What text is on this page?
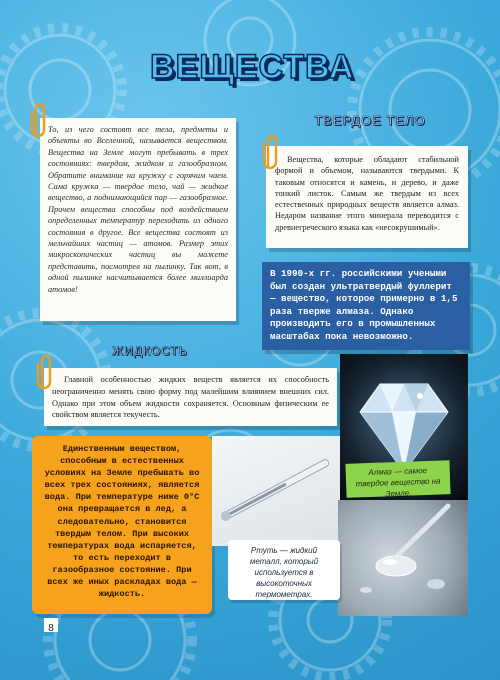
ВЕЩЕСТВА
ТВЕРДОЕ ТЕЛО

То, из чего состоят все тела, предметы и объекты во Вселенной, называется веществом. Вещества на Земле могут пребывать в трех состояниях: твердом, жидком и газообразном. Обратите внимание на кружку с горячим чаем. Сама кружка — твердое тело, чай — жидкое вещество, а поднимающийся пар — газообразное. Причем вещества способны под воздействием определенных температур переходить из одного состояния в другое. Все вещества состоят из мельчайших частиц — атомов. Размер этих микроскопических частиц вы можете представить, посмотрев на пылинку. Так вот, в одной пылинке насчитывается более миллиарда атомов!

Вещества, которые обладают стабильной формой и объемом, называются твердыми. К таковым относятся и камень, и дерево, и даже тонкий листок. Самым же твердым из всех естественных природных веществ является алмаз. Недаром название этого минерала переводится с древнегреческого языка как «несокрушимый».

В 1990-х гг. российскими учеными был создан ультратвердый фуллерит — вещество, которое примерно в 1,5 раза тверже алмаза. Однако производить его в промышленных масштабах пока невозможно.

ЖИДКОСТЬ

Главной особенностью жидких веществ является их способность неограниченно менять свою форму под малейшим влиянием внешних сил. Однако при этом объем жидкости сохраняется. Основным физическим ее свойством является текучесть.

Алмаз — самое твердое вещество на Земле.

Единственным веществом, способным в естественных условиях на Земле пребывать во всех трех состояниях, является вода. При температуре ниже 0°С она превращается в лед, а следовательно, становится твердым телом. При высоких температурах вода испаряется, то есть переходит в газообразное состояние. При всех же иных раскладах вода — жидкость.

Ртуть — жидкий металл, который используется в высокоточных термометрах.

8
